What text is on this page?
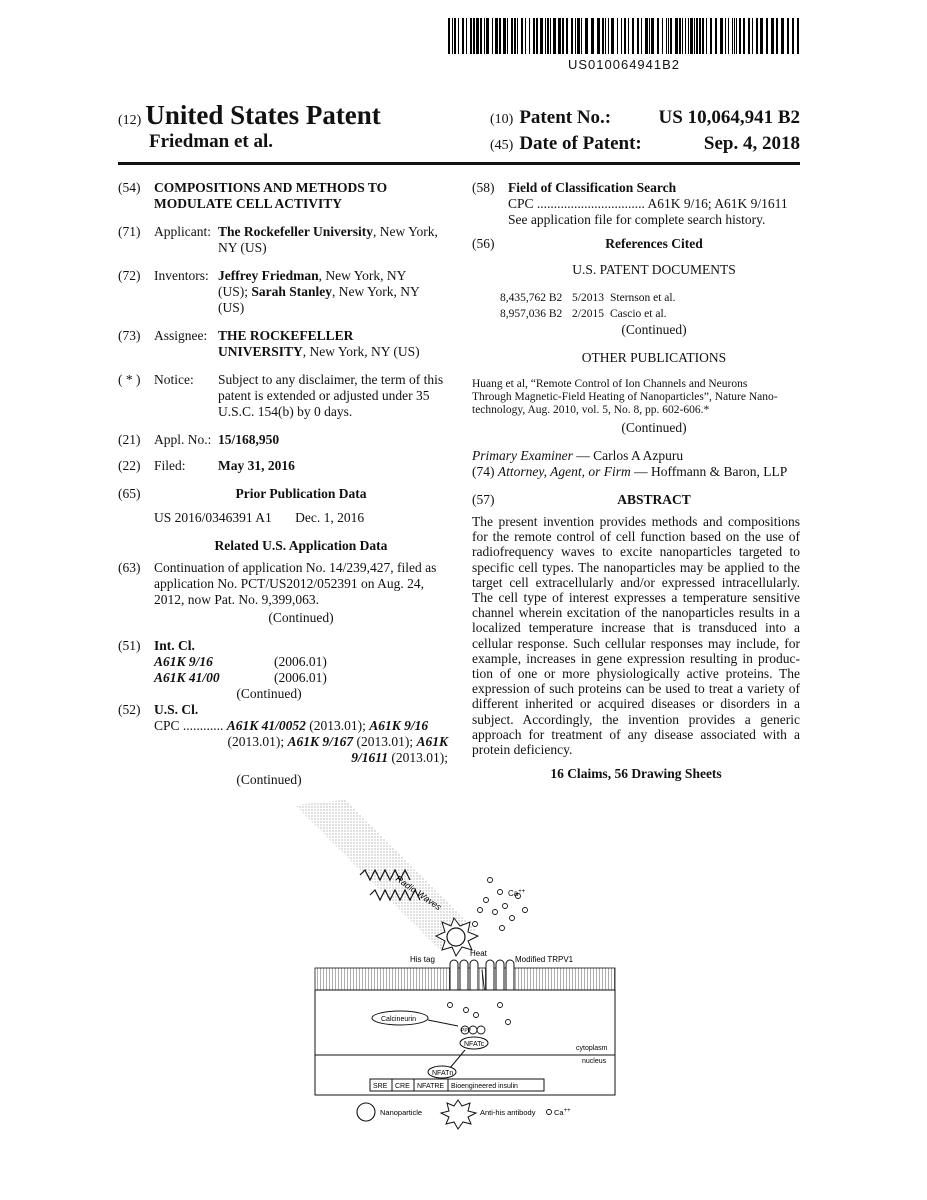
US010064941B2
(12) United States Patent
Friedman et al.
(10) Patent No.: US 10,064,941 B2
(45) Date of Patent:	Sep. 4, 2018
(54)	COMPOSITIONS AND METHODS TO
MODULATE CELL ACTIVITY
(71)	Applicant: The Rockefeller University, New York,
NY (US)
(72)	Inventors: Jeffrey Friedman, New York, NY
(US); Sarah Stanley, New York, NY
(US)
(73)	Assignee: THE ROCKEFELLER
UNIVERSITY, New York, NY (US)
( * )	Notice:	Subject to any disclaimer, the term of this
patent is extended or adjusted under 35
U.S.C. 154(b) by 0 days.
(21)	Appl. No.: 15/168,950
(22)	Filed:	May 31, 2016
(65)	Prior Publication Data
US 2016/0346391 A1 Dec. 1, 2016
Related U.S. Application Data
(63)	Continuation of application No. 14/239,427, filed as
application No. PCT/US2012/052391 on Aug. 24,
2012, now Pat. No. 9,399,063.
(Continued)
(51)	Int. Cl.
A61K 9/16	(2006.01)
A61K 41/00	(2006.01)
(Continued)
(52)	U.S. Cl.
CPC ............ A61K 41/0052 (2013.01); A61K 9/16
(2013.01); A61K 9/167 (2013.01); A61K
9/1611 (2013.01);
(Continued)
(58)	Field of Classification Search
CPC ................................ A61K 9/16; A61K 9/1611
See application file for complete search history.
(56)	References Cited
U.S. PATENT DOCUMENTS
8,435,762 B2 5/2013 Sternson et al.
8,957,036 B2 2/2015 Cascio et al.
(Continued)
OTHER PUBLICATIONS
Huang et al, “Remote Control of Ion Channels and Neurons
Through Magnetic-Field Heating of Nanoparticles”, Nature Nano-
technology, Aug. 2010, vol. 5, No. 8, pp. 602-606.*
(Continued)
Primary Examiner — Carlos A Azpuru
(74) Attorney, Agent, or Firm — Hoffmann & Baron, LLP
(57)	ABSTRACT
The present invention provides methods and compositions
for the remote control of cell function based on the use of
radiofrequency waves to excite nanoparticles targeted to
specific cell types. The nanoparticles may be applied to the
target cell extracellularly and/or expressed intracellularly.
The cell type of interest expresses a temperature sensitive
channel wherein excitation of the nanoparticles results in a
localized temperature increase that is transduced into a
cellular response. Such cellular responses may include, for
example, increases in gene expression resulting in produc-
tion of one or more physiologically active proteins. The
expression of such proteins can be used to treat a variety of
different inherited or acquired diseases or disorders in a
subject. Accordingly, the invention provides a generic
approach for treatment of any disease associated with a
protein deficiency.
16 Claims, 56 Drawing Sheets
Radio Waves	Ca++
His tag
Heat
Modified TRPV1
Calcineurin
PPP
NFATc
cytoplasm
nucleus
NFATn
SRE CRE NFATRE Bioengineered insulin
Nanoparticle	Anti-his antibody Ca++
